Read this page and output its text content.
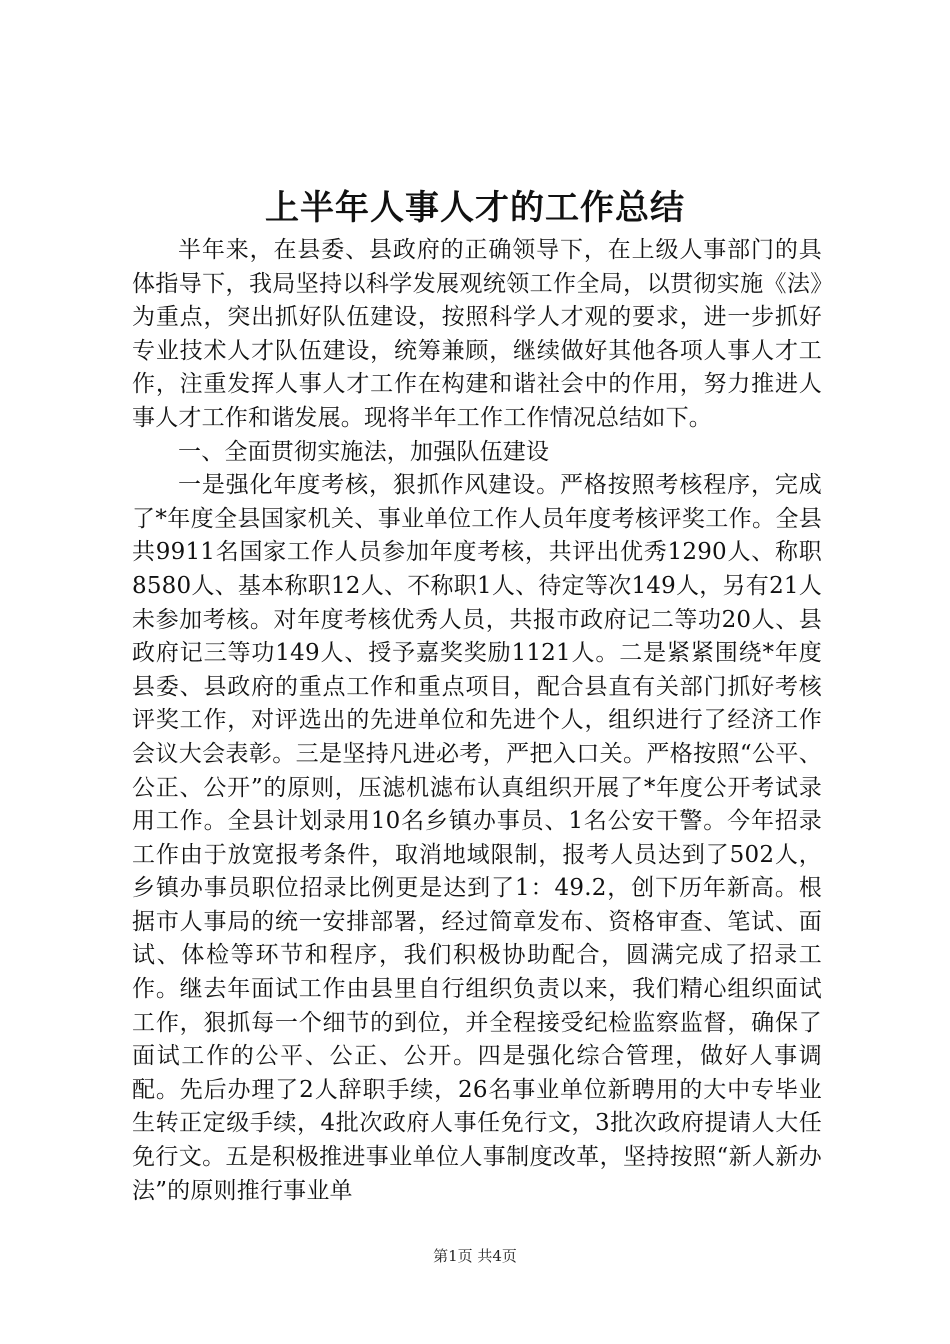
上半年人事人才的工作总结

半年来，在县委、县政府的正确领导下，在上级人事部门的具体指导下，我局坚持以科学发展观统领工作全局，以贯彻实施《法》为重点，突出抓好队伍建设，按照科学人才观的要求，进一步抓好专业技术人才队伍建设，统筹兼顾，继续做好其他各项人事人才工作，注重发挥人事人才工作在构建和谐社会中的作用，努力推进人事人才工作和谐发展。现将半年工作工作情况总结如下。

一、全面贯彻实施法，加强队伍建设

一是强化年度考核，狠抓作风建设。严格按照考核程序，完成了*年度全县国家机关、事业单位工作人员年度考核评奖工作。全县共9911名国家工作人员参加年度考核，共评出优秀1290人、称职8580人、基本称职12人、不称职1人、待定等次149人，另有21人未参加考核。对年度考核优秀人员，共报市政府记二等功20人、县政府记三等功149人、授予嘉奖奖励1121人。二是紧紧围绕*年度县委、县政府的重点工作和重点项目，配合县直有关部门抓好考核评奖工作，对评选出的先进单位和先进个人，组织进行了经济工作会议大会表彰。三是坚持凡进必考，严把入口关。严格按照“公平、公正、公开”的原则，压滤机滤布认真组织开展了*年度公开考试录用工作。全县计划录用10名乡镇办事员、1名公安干警。今年招录工作由于放宽报考条件，取消地域限制，报考人员达到了502人，乡镇办事员职位招录比例更是达到了1：49.2，创下历年新高。根据市人事局的统一安排部署，经过简章发布、资格审查、笔试、面试、体检等环节和程序，我们积极协助配合，圆满完成了招录工作。继去年面试工作由县里自行组织负责以来，我们精心组织面试工作，狠抓每一个细节的到位，并全程接受纪检监察监督，确保了面试工作的公平、公正、公开。四是强化综合管理，做好人事调配。先后办理了2人辞职手续，26名事业单位新聘用的大中专毕业生转正定级手续，4批次政府人事任免行文，3批次政府提请人大任免行文。五是积极推进事业单位人事制度改革，坚持按照“新人新办法”的原则推行事业单

第1页 共4页
